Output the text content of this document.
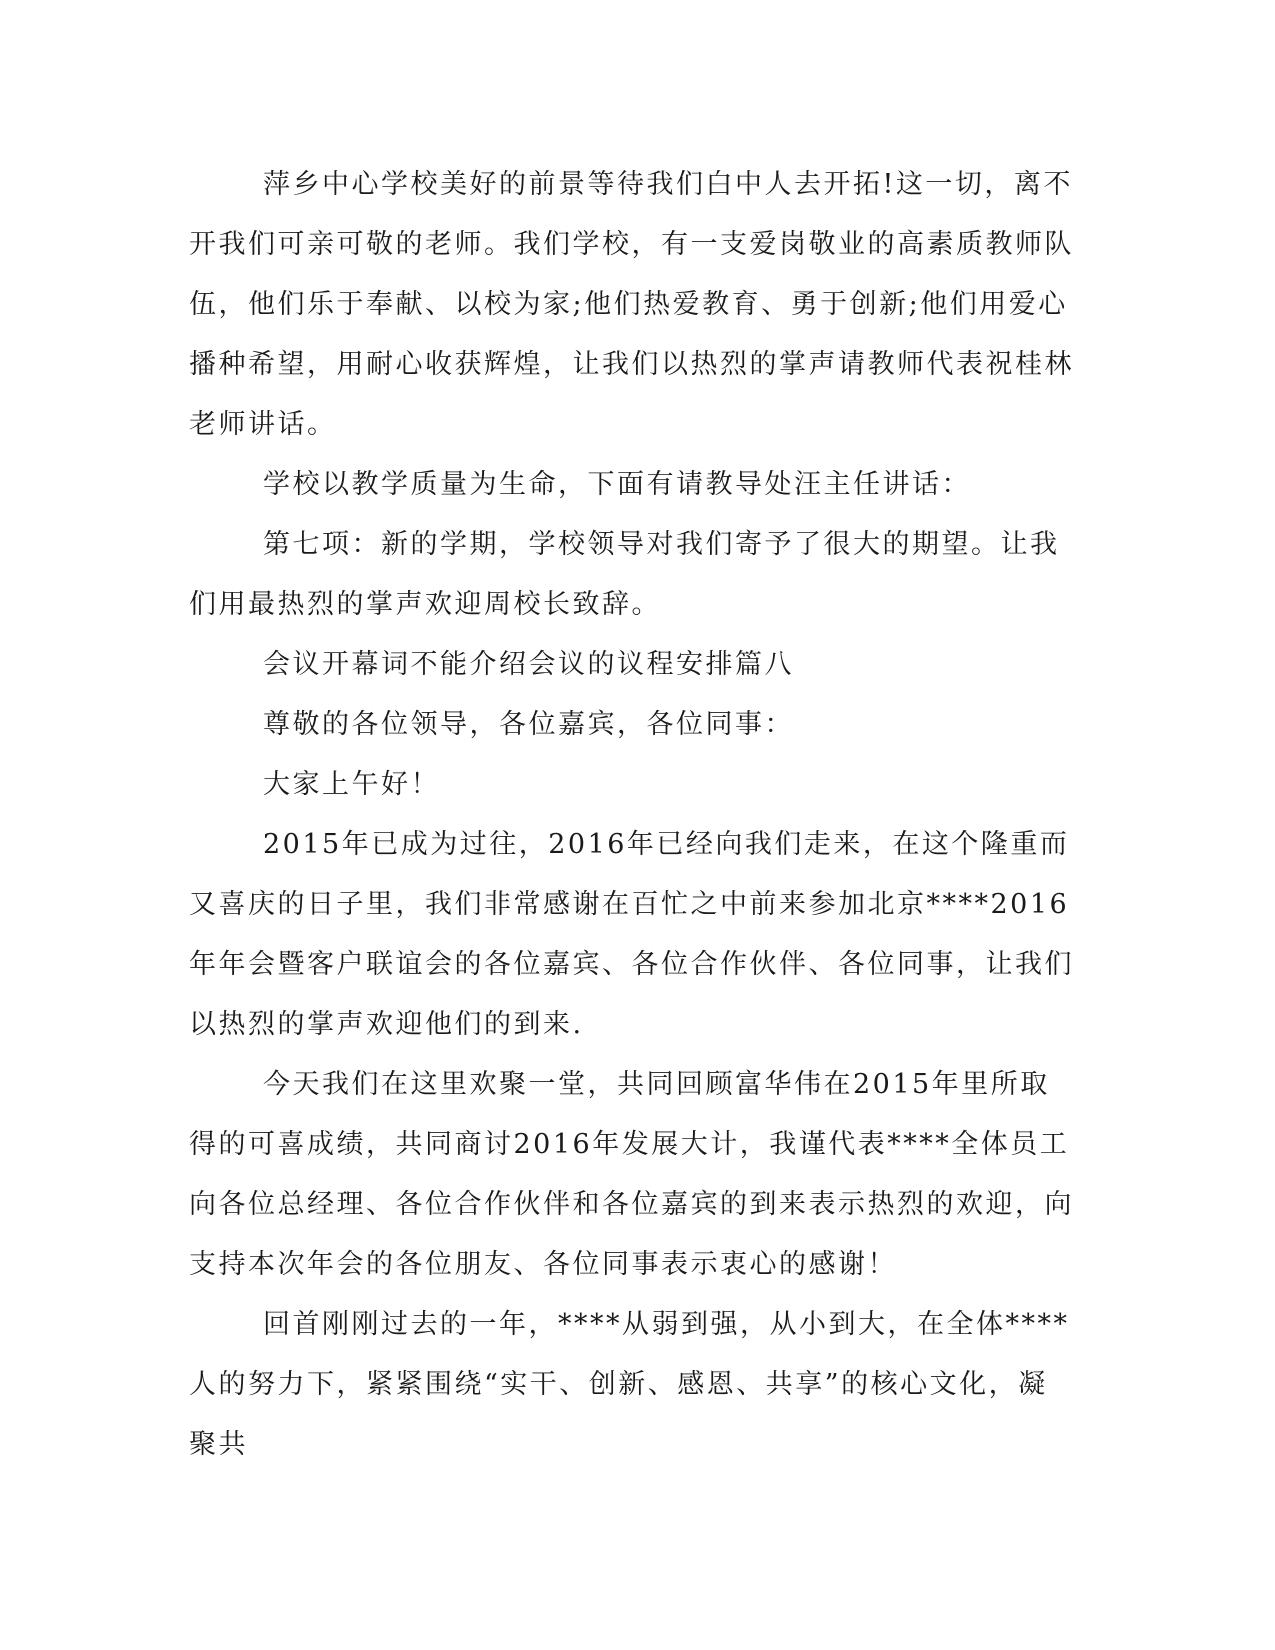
萍乡中心学校美好的前景等待我们白中人去开拓!这一切，离不开我们可亲可敬的老师。我们学校，有一支爱岗敬业的高素质教师队伍，他们乐于奉献、以校为家;他们热爱教育、勇于创新;他们用爱心播种希望，用耐心收获辉煌，让我们以热烈的掌声请教师代表祝桂林老师讲话。

学校以教学质量为生命，下面有请教导处汪主任讲话：

第七项：新的学期，学校领导对我们寄予了很大的期望。让我们用最热烈的掌声欢迎周校长致辞。

会议开幕词不能介绍会议的议程安排篇八

尊敬的各位领导，各位嘉宾，各位同事：

大家上午好！

2015年已成为过往，2016年已经向我们走来，在这个隆重而又喜庆的日子里，我们非常感谢在百忙之中前来参加北京****2016年年会暨客户联谊会的各位嘉宾、各位合作伙伴、各位同事，让我们以热烈的掌声欢迎他们的到来.

今天我们在这里欢聚一堂，共同回顾富华伟在2015年里所取得的可喜成绩，共同商讨2016年发展大计，我谨代表****全体员工向各位总经理、各位合作伙伴和各位嘉宾的到来表示热烈的欢迎，向支持本次年会的各位朋友、各位同事表示衷心的感谢！

回首刚刚过去的一年，****从弱到强，从小到大，在全体****人的努力下，紧紧围绕“实干、创新、感恩、共享”的核心文化，凝聚共
